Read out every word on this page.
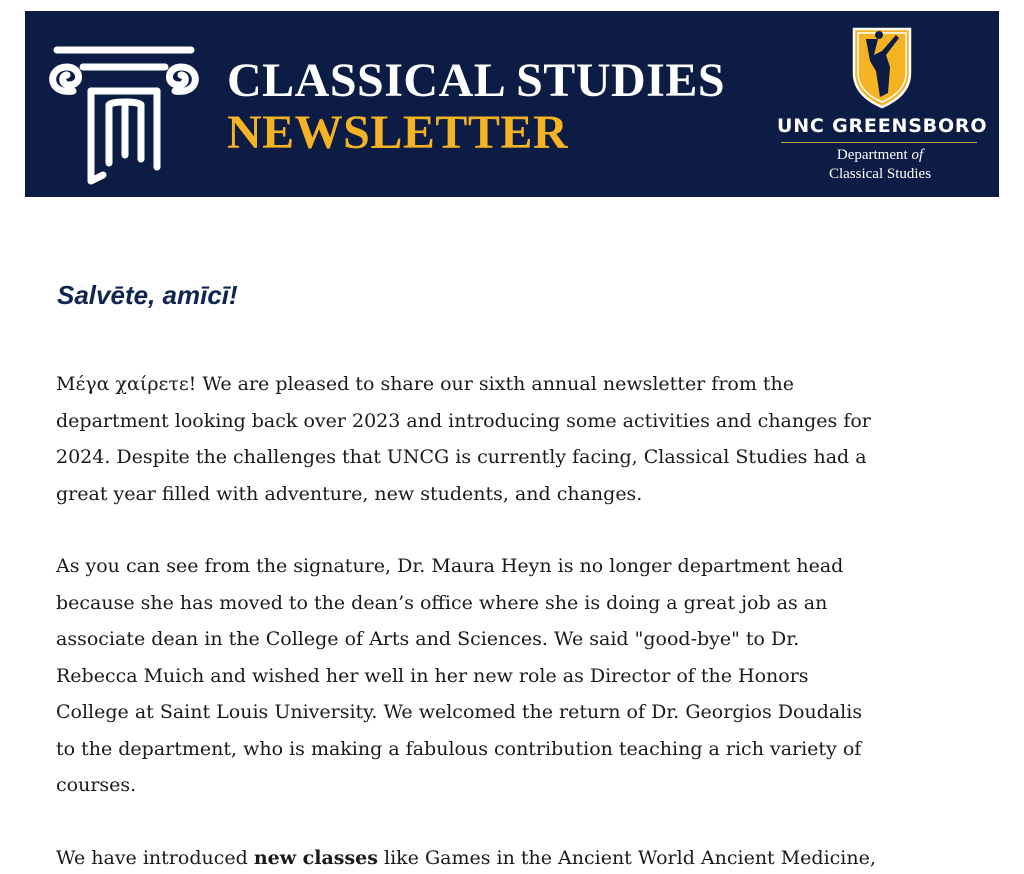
CLASSICAL STUDIES
NEWSLETTER	UNC GREENSBORO
Department of
Classical Studies
Salvēte, amīcī!
Μέγα χαίρετε! We are pleased to share our sixth annual newsletter from the
department looking back over 2023 and introducing some activities and changes for
2024. Despite the challenges that UNCG is currently facing, Classical Studies had a
great year filled with adventure, new students, and changes.
As you can see from the signature, Dr. Maura Heyn is no longer department head
because she has moved to the dean’s office where she is doing a great job as an
associate dean in the College of Arts and Sciences. We said "good-bye" to Dr.
Rebecca Muich and wished her well in her new role as Director of the Honors
College at Saint Louis University. We welcomed the return of Dr. Georgios Doudalis
to the department, who is making a fabulous contribution teaching a rich variety of
courses.
We have introduced new classes like Games in the Ancient World Ancient Medicine,
